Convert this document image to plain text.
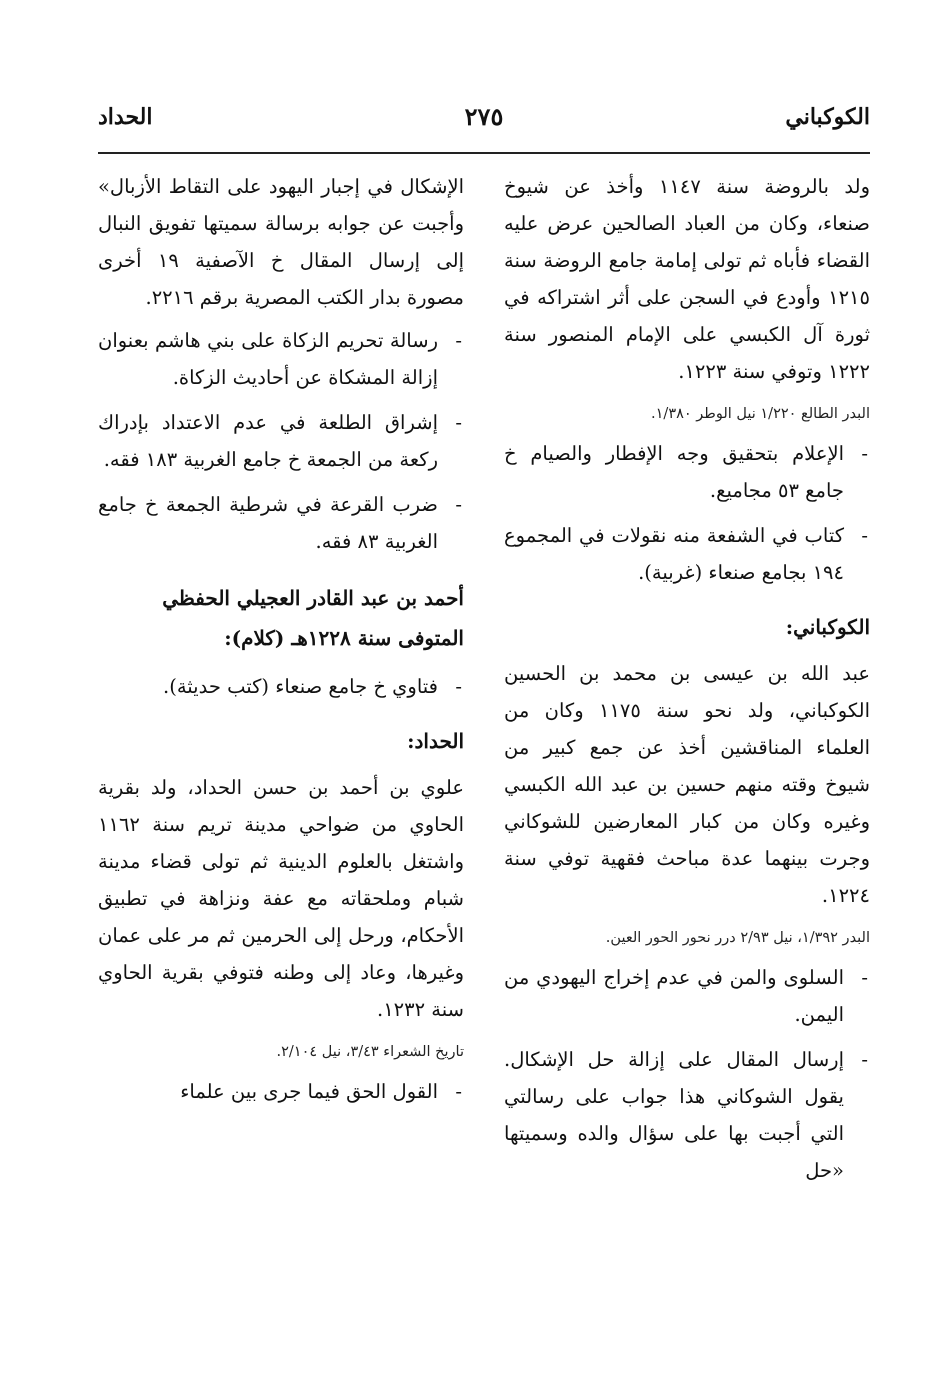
الكوكباني
٢٧٥
الحداد

ولد بالروضة سنة ١١٤٧ وأخذ عن شيوخ صنعاء، وكان من العباد الصالحين عرض عليه القضاء فأباه ثم تولى إمامة جامع الروضة سنة ١٢١٥ وأودع في السجن على أثر اشتراكه في ثورة آل الكبسي على الإمام المنصور سنة ١٢٢٢ وتوفي سنة ١٢٢٣.

البدر الطالع ١/٢٢٠ نيل الوطر ١/٣٨٠.

- الإعلام بتحقيق وجه الإفطار والصيام خ جامع ٥٣ مجاميع.

- كتاب في الشفعة منه نقولات في المجموع ١٩٤ بجامع صنعاء (غربية).

الكوكباني:

عبد الله بن عيسى بن محمد بن الحسين الكوكباني، ولد نحو سنة ١١٧٥ وكان من العلماء المناقشين أخذ عن جمع كبير من شيوخ وقته منهم حسين بن عبد الله الكبسي وغيره وكان من كبار المعارضين للشوكاني وجرت بينهما عدة مباحث فقهية توفي سنة ١٢٢٤.

البدر ١/٣٩٢، نيل ٢/٩٣ درر نحور الحور العين.

- السلوى والمن في عدم إخراج اليهودي من اليمن.

- إرسال المقال على إزالة حل الإشكال. يقول الشوكاني هذا جواب على رسالتي التي أجبت بها على سؤال والده وسميتها «حل

الإشكال في إجبار اليهود على التقاط الأزبال» وأجبت عن جوابه برسالة سميتها تفويق النبال إلى إرسال المقال خ الآصفية ١٩ أخرى مصورة بدار الكتب المصرية برقم ٢٢١٦.

- رسالة تحريم الزكاة على بني هاشم بعنوان إزالة المشكاة عن أحاديث الزكاة.

- إشراق الطلعة في عدم الاعتداد بإدراك ركعة من الجمعة خ جامع الغربية ١٨٣ فقه.

- ضرب القرعة في شرطية الجمعة خ جامع الغربية ٨٣ فقه.

أحمد بن عبد القادر العجيلي الحفظي المتوفى سنة ١٢٢٨هـ (كلام):

- فتاوي خ جامع صنعاء (كتب حديثة).

الحداد:

علوي بن أحمد بن حسن الحداد، ولد بقرية الحاوي من ضواحي مدينة تريم سنة ١١٦٢ واشتغل بالعلوم الدينية ثم تولى قضاء مدينة شبام وملحقاته مع عفة ونزاهة في تطبيق الأحكام، ورحل إلى الحرمين ثم مر على عمان وغيرها، وعاد إلى وطنه فتوفي بقرية الحاوي سنة ١٢٣٢.

تاريخ الشعراء ٣/٤٣، نيل ٢/١٠٤.

- القول الحق فيما جرى بين علماء
